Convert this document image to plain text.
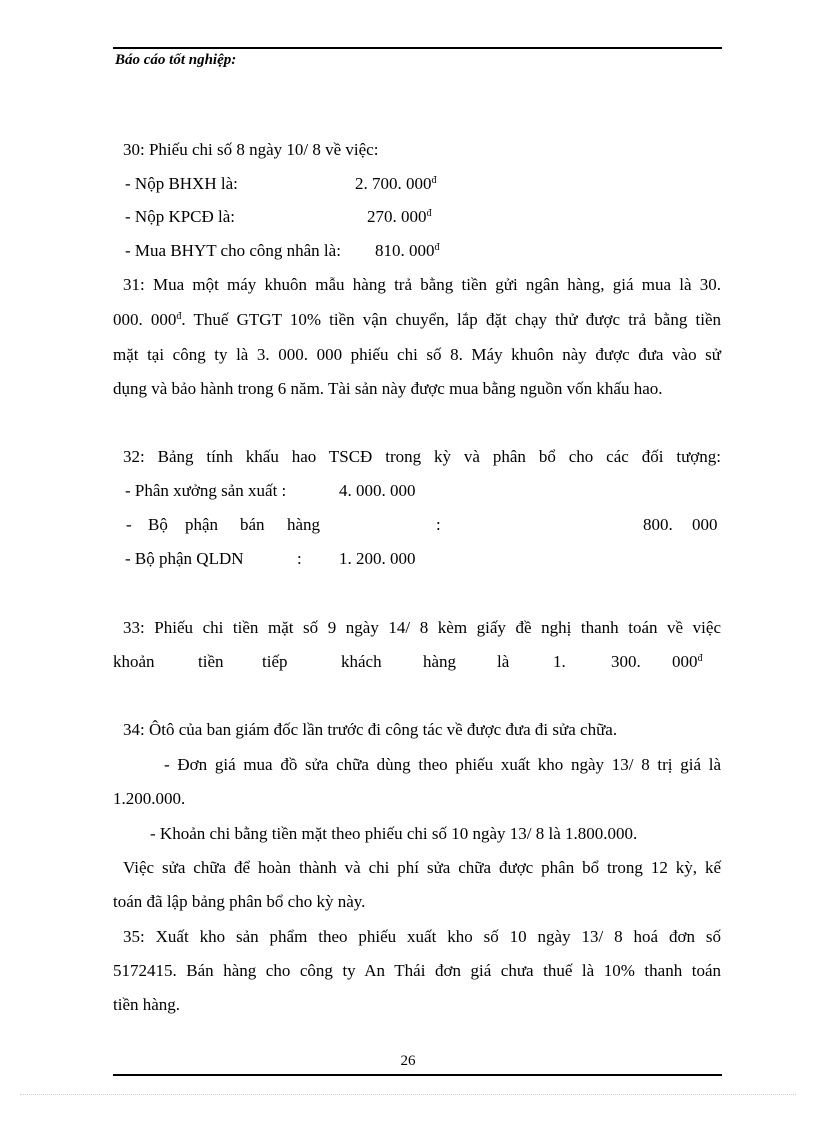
Báo cáo tốt nghiệp:
30: Phiếu chi số 8 ngày 10/ 8 về việc:
- Nộp BHXH là:	2. 700. $000^đ$
- Nộp KPCĐ là:	270. $000^đ$
- Mua BHYT cho công nhân là: 810. $000^đ$
31: Mua một máy khuôn mẫu hàng trả bằng tiền gửi ngân hàng, giá mua là 30.
000. $000^đ$. Thuế GTGT 10% tiền vận chuyển, lắp đặt chạy thử được trả bằng tiền
mặt tại công ty là 3. 000. 000 phiếu chi số 8. Máy khuôn này được đưa vào sử
dụng và bảo hành trong 6 năm. Tài sản này được mua bằng nguồn vốn khấu hao.
32: Bảng tính khấu hao TSCĐ trong kỳ và phân bổ cho các đối tượng:
- Phân xưởng sản xuất :	4. 000. 000
- Bộ phận bán hàng	:	800. 000
- Bộ phận QLDN	: 1. 200. 000
33: Phiếu chi tiền mặt số 9 ngày 14/ 8 kèm giấy đề nghị thanh toán về việc
khoản	tiền tiếp	khách hàng là	1.	300. $000^đ$
34: Ôtô của ban giám đốc lần trước đi công tác về được đưa đi sửa chữa.
- Đơn giá mua đồ sửa chữa dùng theo phiếu xuất kho ngày 13/ 8 trị giá là
1.200.000.
- Khoản chi bằng tiền mặt theo phiếu chi số 10 ngày 13/ 8 là 1.800.000.
Việc sửa chữa để hoàn thành và chi phí sửa chữa được phân bổ trong 12 kỳ, kế
toán đã lập bảng phân bổ cho kỳ này.
35: Xuất kho sản phẩm theo phiếu xuất kho số 10 ngày 13/ 8 hoá đơn số
5172415. Bán hàng cho công ty An Thái đơn giá chưa thuế là 10% thanh toán
tiền hàng.
26
